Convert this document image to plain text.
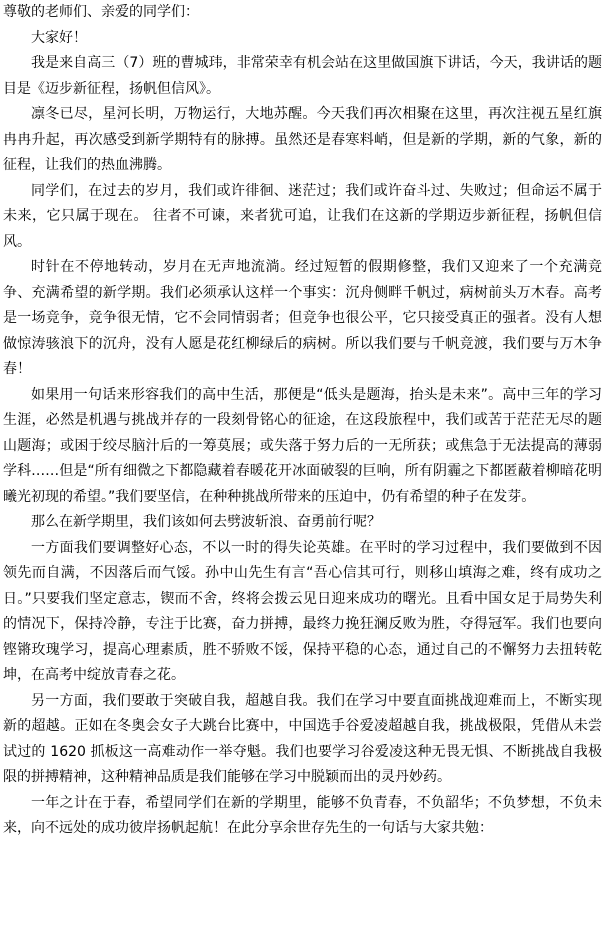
尊敬的老师们、亲爱的同学们：

大家好！

我是来自高三（7）班的曹城玮，非常荣幸有机会站在这里做国旗下讲话，今天，我讲话的题目是《迈步新征程，扬帆但信风》。

凛冬已尽，星河长明，万物运行，大地苏醒。今天我们再次相聚在这里，再次注视五星红旗冉冉升起，再次感受到新学期特有的脉搏。虽然还是春寒料峭，但是新的学期，新的气象，新的征程，让我们的热血沸腾。

同学们，在过去的岁月，我们或许徘徊、迷茫过；我们或许奋斗过、失败过；但命运不属于未来，它只属于现在。 往者不可谏，来者犹可追，让我们在这新的学期迈步新征程，扬帆但信风。

时针在不停地转动，岁月在无声地流淌。经过短暂的假期修整，我们又迎来了一个充满竞争、充满希望的新学期。我们必须承认这样一个事实：沉舟侧畔千帆过，病树前头万木春。高考是一场竞争，竞争很无情，它不会同情弱者；但竞争也很公平，它只接受真正的强者。没有人想做惊涛骇浪下的沉舟，没有人愿是花红柳绿后的病树。所以我们要与千帆竞渡，我们要与万木争春！

如果用一句话来形容我们的高中生活，那便是“低头是题海，抬头是未来”。高中三年的学习生涯，必然是机遇与挑战并存的一段刻骨铭心的征途，在这段旅程中，我们或苦于茫茫无尽的题山题海；或困于绞尽脑汁后的一筹莫展；或失落于努力后的一无所获；或焦急于无法提高的薄弱学科……但是“所有细微之下都隐藏着春暖花开冰面破裂的巨响，所有阴霾之下都匿蔽着柳暗花明曦光初现的希望。”我们要坚信，在种种挑战所带来的压迫中，仍有希望的种子在发芽。

那么在新学期里，我们该如何去劈波斩浪、奋勇前行呢？

一方面我们要调整好心态，不以一时的得失论英雄。在平时的学习过程中，我们要做到不因领先而自满，不因落后而气馁。孙中山先生有言“吾心信其可行，则移山填海之难，终有成功之日。”只要我们坚定意志，锲而不舍，终将会拨云见日迎来成功的曙光。且看中国女足于局势失利的情况下，保持冷静，专注于比赛，奋力拼搏，最终力挽狂澜反败为胜，夺得冠军。我们也要向铿锵玫瑰学习，提高心理素质，胜不骄败不馁，保持平稳的心态，通过自己的不懈努力去扭转乾坤，在高考中绽放青春之花。

另一方面，我们要敢于突破自我，超越自我。我们在学习中要直面挑战迎难而上，不断实现新的超越。正如在冬奥会女子大跳台比赛中，中国选手谷爱凌超越自我，挑战极限，凭借从未尝试过的 1620 抓板这一高难动作一举夺魁。我们也要学习谷爱凌这种无畏无惧、不断挑战自我极限的拼搏精神，这种精神品质是我们能够在学习中脱颖而出的灵丹妙药。

一年之计在于春，希望同学们在新的学期里，能够不负青春，不负韶华；不负梦想，不负未来，向不远处的成功彼岸扬帆起航！在此分享余世存先生的一句话与大家共勉：
